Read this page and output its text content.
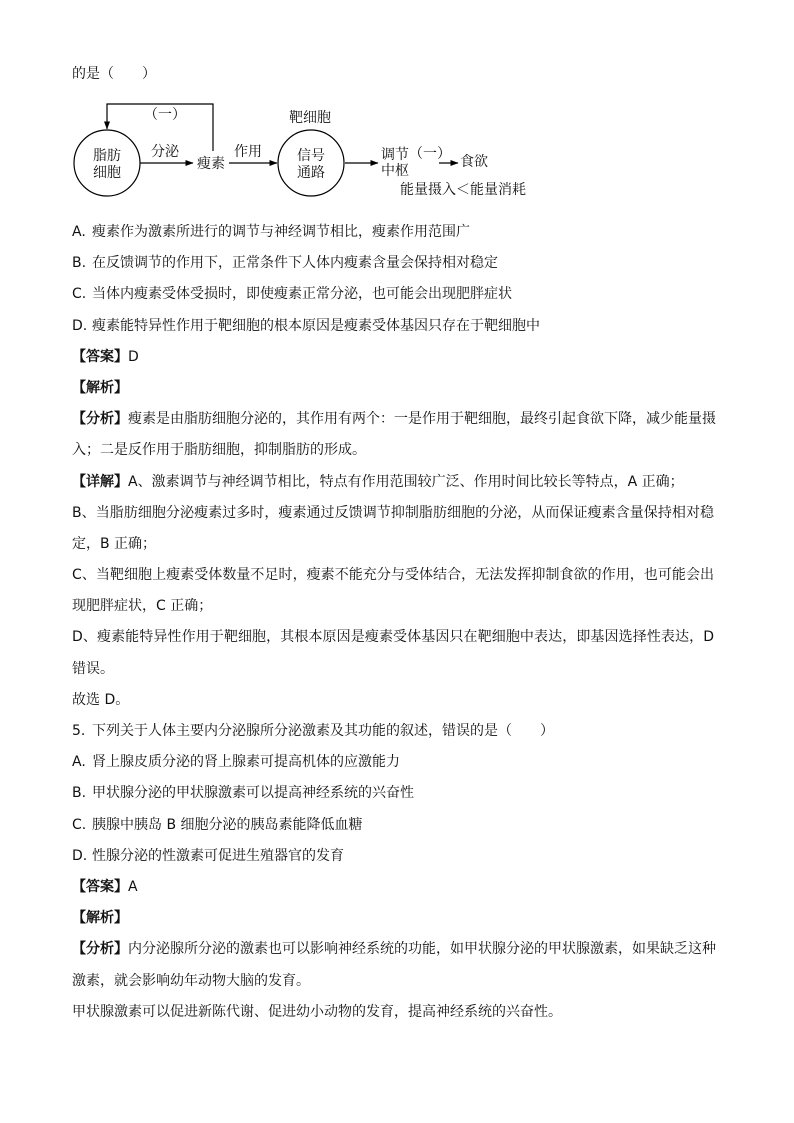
的是（　　）
脂肪
细胞
分泌
瘦素
（一）
作用
靶细胞
信号
通路
调节
中枢
（一） 食欲
能量摄入＜能量消耗
A. 瘦素作为激素所进行的调节与神经调节相比，瘦素作用范围广
B. 在反馈调节的作用下，正常条件下人体内瘦素含量会保持相对稳定
C. 当体内瘦素受体受损时，即使瘦素正常分泌，也可能会出现肥胖症状
D. 瘦素能特异性作用于靶细胞的根本原因是瘦素受体基因只存在于靶细胞中
【答案】D
【解析】
【分析】瘦素是由脂肪细胞分泌的，其作用有两个：一是作用于靶细胞，最终引起食欲下降，减少能量摄
入；二是反作用于脂肪细胞，抑制脂肪的形成。
【详解】A、激素调节与神经调节相比，特点有作用范围较广泛、作用时间比较长等特点，A 正确；
B、当脂肪细胞分泌瘦素过多时，瘦素通过反馈调节抑制脂肪细胞的分泌，从而保证瘦素含量保持相对稳
定，B 正确；
C、当靶细胞上瘦素受体数量不足时，瘦素不能充分与受体结合，无法发挥抑制食欲的作用，也可能会出
现肥胖症状，C 正确；
D、瘦素能特异性作用于靶细胞，其根本原因是瘦素受体基因只在靶细胞中表达，即基因选择性表达，D
错误。
故选 D。
5. 下列关于人体主要内分泌腺所分泌激素及其功能的叙述，错误的是（　　）
A. 肾上腺皮质分泌的肾上腺素可提高机体的应激能力
B. 甲状腺分泌的甲状腺激素可以提高神经系统的兴奋性
C. 胰腺中胰岛 B 细胞分泌的胰岛素能降低血糖
D. 性腺分泌的性激素可促进生殖器官的发育
【答案】A
【解析】
【分析】内分泌腺所分泌的激素也可以影响神经系统的功能，如甲状腺分泌的甲状腺激素，如果缺乏这种
激素，就会影响幼年动物大脑的发育。
甲状腺激素可以促进新陈代谢、促进幼小动物的发育，提高神经系统的兴奋性。
